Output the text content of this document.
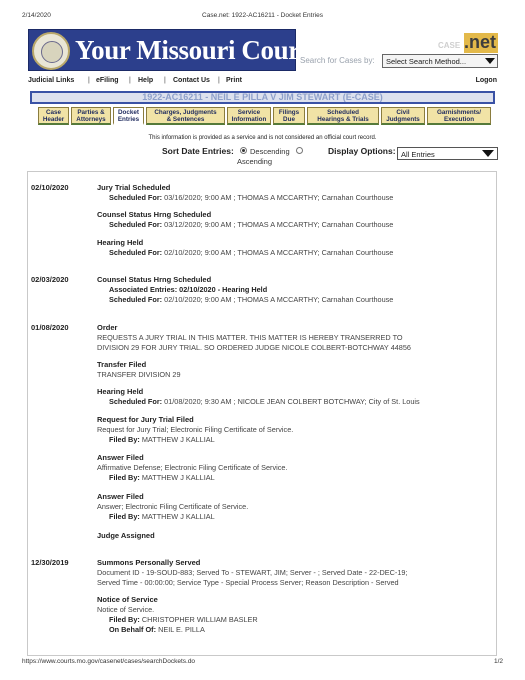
2/14/2020	Case.net: 1922-AC16211 - Docket Entries
Your Missouri Courts	CASE .net
Search for Cases by:	Select Search Method...
Judicial Links | eFiling | Help | Contact Us | Print	Logon
1922-AC16211 - NEIL E PILLA V JIM STEWART (E-CASE)
Case
Header
Parties &
Attorneys
Docket
Entries
Charges, Judgments
& Sentences
Service
Information
Filings
Due
Scheduled
Hearings & Trials
Civil
Judgments
Garnishments/
Execution
This information is provided as a service and is not considered an official court record.
Sort Date Entries: Descending
Ascending
Display Options: All Entries
02/10/2020	Jury Trial Scheduled
Scheduled For: 03/16/2020; 9:00 AM ; THOMAS A MCCARTHY; Carnahan Courthouse
Counsel Status Hrng Scheduled
Scheduled For: 03/12/2020; 9:00 AM ; THOMAS A MCCARTHY; Carnahan Courthouse
Hearing Held
Scheduled For: 02/10/2020; 9:00 AM ; THOMAS A MCCARTHY; Carnahan Courthouse
02/03/2020	Counsel Status Hrng Scheduled
Associated Entries: 02/10/2020 - Hearing Held
Scheduled For: 02/10/2020; 9:00 AM ; THOMAS A MCCARTHY; Carnahan Courthouse
01/08/2020	Order
REQUESTS A JURY TRIAL IN THIS MATTER. THIS MATTER IS HEREBY TRANSERRED TO
DIVISION 29 FOR JURY TRIAL. SO ORDERED JUDGE NICOLE COLBERT-BOTCHWAY 44856
Transfer Filed
TRANSFER DIVISION 29
Hearing Held
Scheduled For: 01/08/2020; 9:30 AM ; NICOLE JEAN COLBERT BOTCHWAY; City of St. Louis
Request for Jury Trial Filed
Request for Jury Trial; Electronic Filing Certificate of Service.
Filed By: MATTHEW J KALLIAL
Answer Filed
Affirmative Defense; Electronic Filing Certificate of Service.
Filed By: MATTHEW J KALLIAL
Answer Filed
Answer; Electronic Filing Certificate of Service.
Filed By: MATTHEW J KALLIAL
Judge Assigned
12/30/2019	Summons Personally Served
Document ID - 19-SOUD-883; Served To - STEWART, JIM; Server - ; Served Date - 22-DEC-19;
Served Time - 00:00:00; Service Type - Special Process Server; Reason Description - Served
Notice of Service
Notice of Service.
Filed By: CHRISTOPHER WILLIAM BASLER
On Behalf Of: NEIL E. PILLA
https://www.courts.mo.gov/casenet/cases/searchDockets.do	1/2
